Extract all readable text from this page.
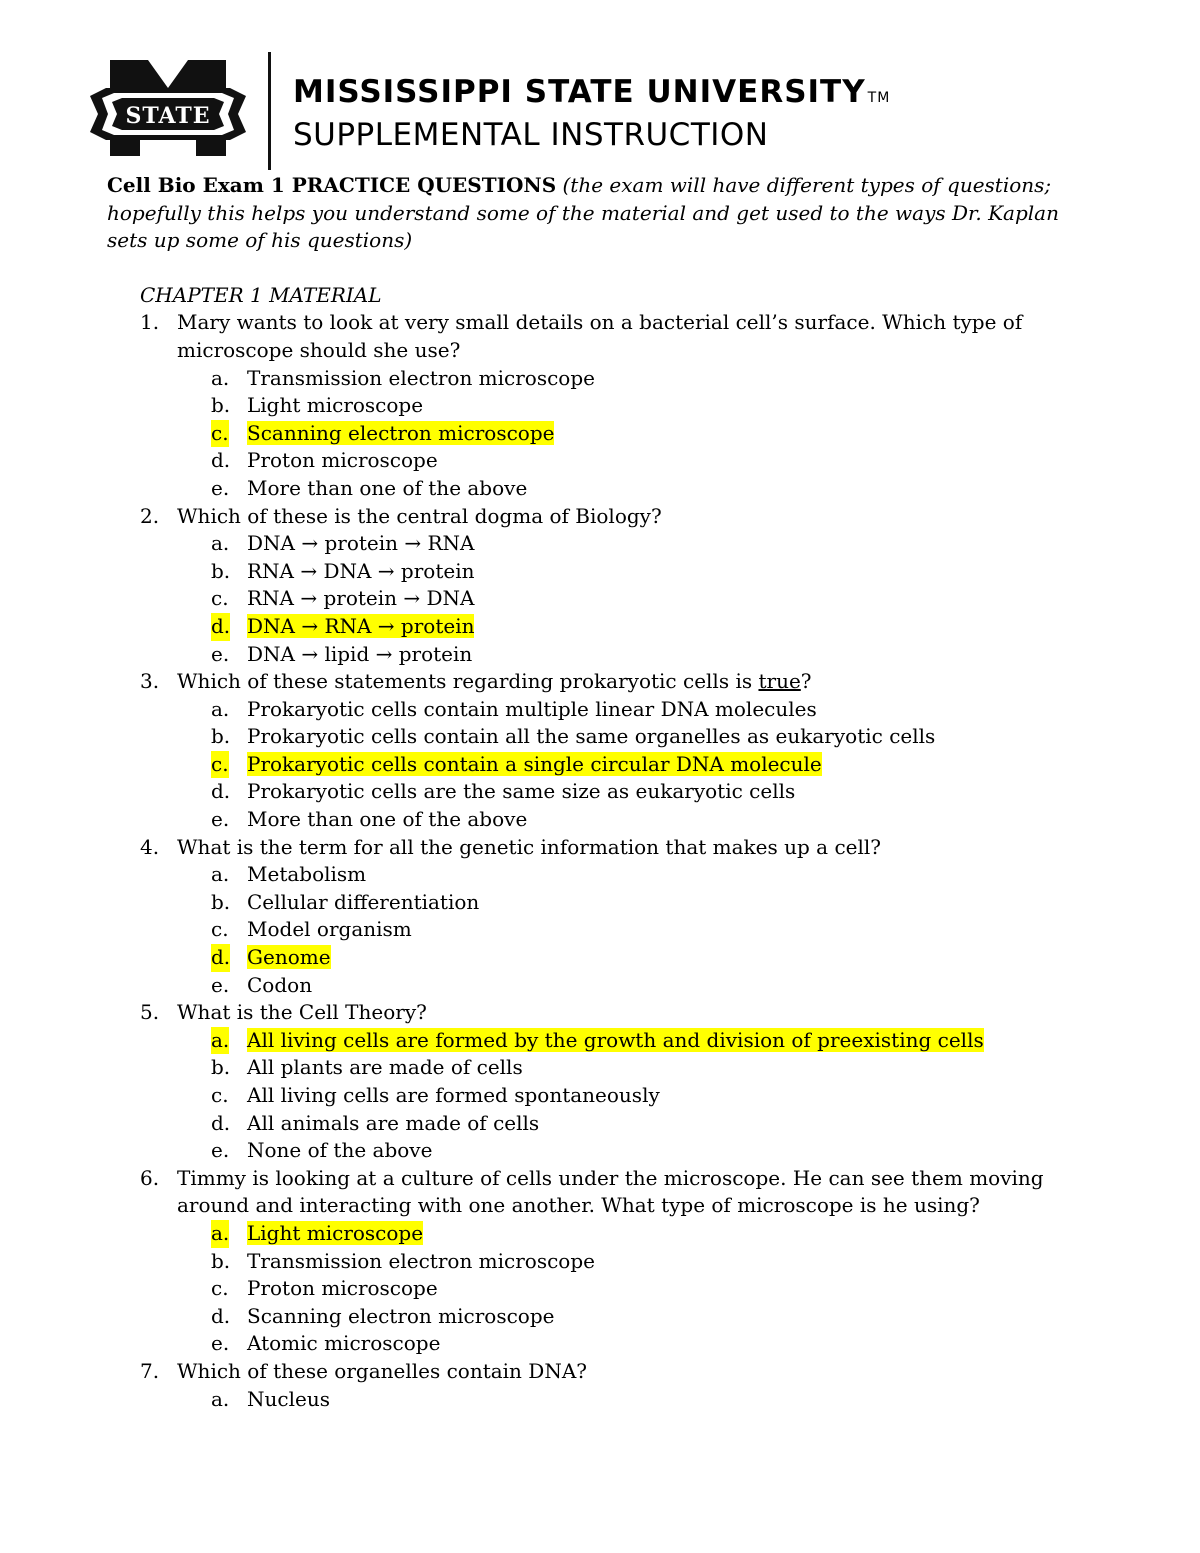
STATE
MISSISSIPPI STATE UNIVERSITY TM
SUPPLEMENTAL INSTRUCTION

Cell Bio Exam 1 PRACTICE QUESTIONS (the exam will have different types of questions; hopefully this helps you understand some of the material and get used to the ways Dr. Kaplan sets up some of his questions)

CHAPTER 1 MATERIAL
1. Mary wants to look at very small details on a bacterial cell’s surface. Which type of microscope should she use?
a. Transmission electron microscope
b. Light microscope
c. Scanning electron microscope
d. Proton microscope
e. More than one of the above
2. Which of these is the central dogma of Biology?
a. DNA → protein → RNA
b. RNA → DNA → protein
c. RNA → protein → DNA
d. DNA → RNA → protein
e. DNA → lipid → protein
3. Which of these statements regarding prokaryotic cells is true?
a. Prokaryotic cells contain multiple linear DNA molecules
b. Prokaryotic cells contain all the same organelles as eukaryotic cells
c. Prokaryotic cells contain a single circular DNA molecule
d. Prokaryotic cells are the same size as eukaryotic cells
e. More than one of the above
4. What is the term for all the genetic information that makes up a cell?
a. Metabolism
b. Cellular differentiation
c. Model organism
d. Genome
e. Codon
5. What is the Cell Theory?
a. All living cells are formed by the growth and division of preexisting cells
b. All plants are made of cells
c. All living cells are formed spontaneously
d. All animals are made of cells
e. None of the above
6. Timmy is looking at a culture of cells under the microscope. He can see them moving around and interacting with one another. What type of microscope is he using?
a. Light microscope
b. Transmission electron microscope
c. Proton microscope
d. Scanning electron microscope
e. Atomic microscope
7. Which of these organelles contain DNA?
a. Nucleus
